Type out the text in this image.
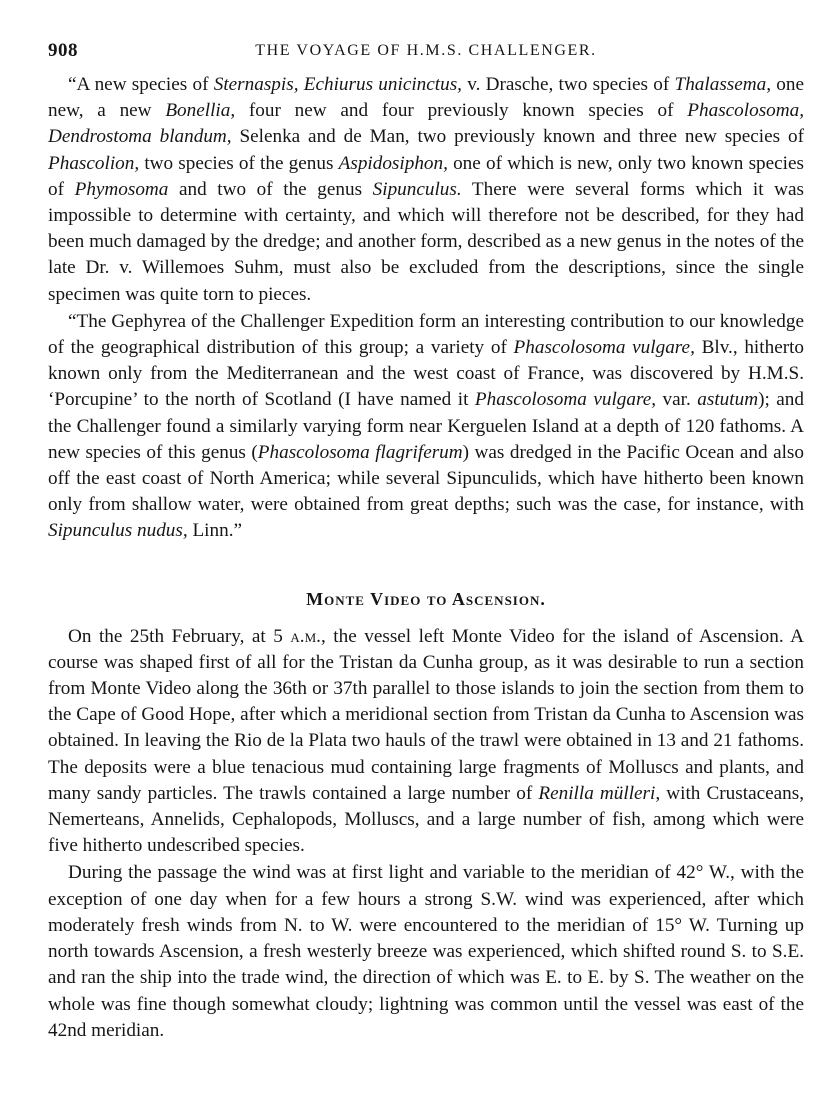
908	THE VOYAGE OF H.M.S. CHALLENGER.

“A new species of Sternaspis, Echiurus unicinctus, v. Drasche, two species of Thalassema, one new, a new Bonellia, four new and four previously known species of Phascolosoma, Dendrostoma blandum, Selenka and de Man, two previously known and three new species of Phascolion, two species of the genus Aspidosiphon, one of which is new, only two known species of Phymosoma and two of the genus Sipunculus. There were several forms which it was impossible to determine with certainty, and which will therefore not be described, for they had been much damaged by the dredge; and another form, described as a new genus in the notes of the late Dr. v. Willemoes Suhm, must also be excluded from the descriptions, since the single specimen was quite torn to pieces.

“The Gephyrea of the Challenger Expedition form an interesting contribution to our knowledge of the geographical distribution of this group; a variety of Phascolosoma vulgare, Blv., hitherto known only from the Mediterranean and the west coast of France, was discovered by H.M.S. ‘Porcupine’ to the north of Scotland (I have named it Phascolosoma vulgare, var. astutum); and the Challenger found a similarly varying form near Kerguelen Island at a depth of 120 fathoms. A new species of this genus (Phascolosoma flagriferum) was dredged in the Pacific Ocean and also off the east coast of North America; while several Sipunculids, which have hitherto been known only from shallow water, were obtained from great depths; such was the case, for instance, with Sipunculus nudus, Linn.”

Monte Video to Ascension.

On the 25th February, at 5 a.m., the vessel left Monte Video for the island of Ascension. A course was shaped first of all for the Tristan da Cunha group, as it was desirable to run a section from Monte Video along the 36th or 37th parallel to those islands to join the section from them to the Cape of Good Hope, after which a meridional section from Tristan da Cunha to Ascension was obtained. In leaving the Rio de la Plata two hauls of the trawl were obtained in 13 and 21 fathoms. The deposits were a blue tenacious mud containing large fragments of Molluscs and plants, and many sandy particles. The trawls contained a large number of Renilla mülleri, with Crustaceans, Nemerteans, Annelids, Cephalopods, Molluscs, and a large number of fish, among which were five hitherto undescribed species.

During the passage the wind was at first light and variable to the meridian of 42° W., with the exception of one day when for a few hours a strong S.W. wind was experienced, after which moderately fresh winds from N. to W. were encountered to the meridian of 15° W. Turning up north towards Ascension, a fresh westerly breeze was experienced, which shifted round S. to S.E. and ran the ship into the trade wind, the direction of which was E. to E. by S. The weather on the whole was fine though somewhat cloudy; lightning was common until the vessel was east of the 42nd meridian.
